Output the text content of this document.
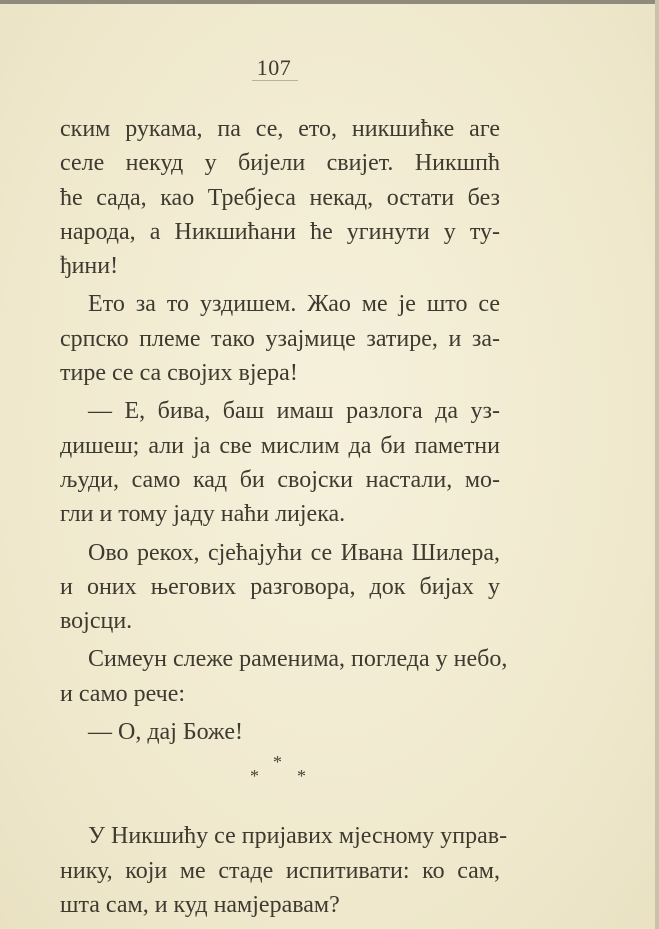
107
ским рукама, па се, ето, никшићке аге
селе некуд у бијели свијет. Никшпћ
ће сада, као Требјеса некад, остати без
народа, а Никшићани ће угинути у ту-
ђини!
Ето за то уздишем. Жао ме је што се
српско племе тако узајмице затире, и за-
тире се са својих вјера!
— Е, бива, баш имаш разлога да уз-
дишеш; али ја све мислим да би паметни
људи, само кад би својски настали, мо-
гли и тому јаду наћи лијека.
Ово рекох, сјећајући се Ивана Шилера,
и оних његових разговора, док бијах у
војсци.
Симеун слеже раменима, погледа у небо,
и само рече:
— О, дај Боже!
*
* *
У Никшићу се пријавих мјесному управ-
нику, који ме стаде испитивати: ко сам,
шта сам, и куд намјеравам?
